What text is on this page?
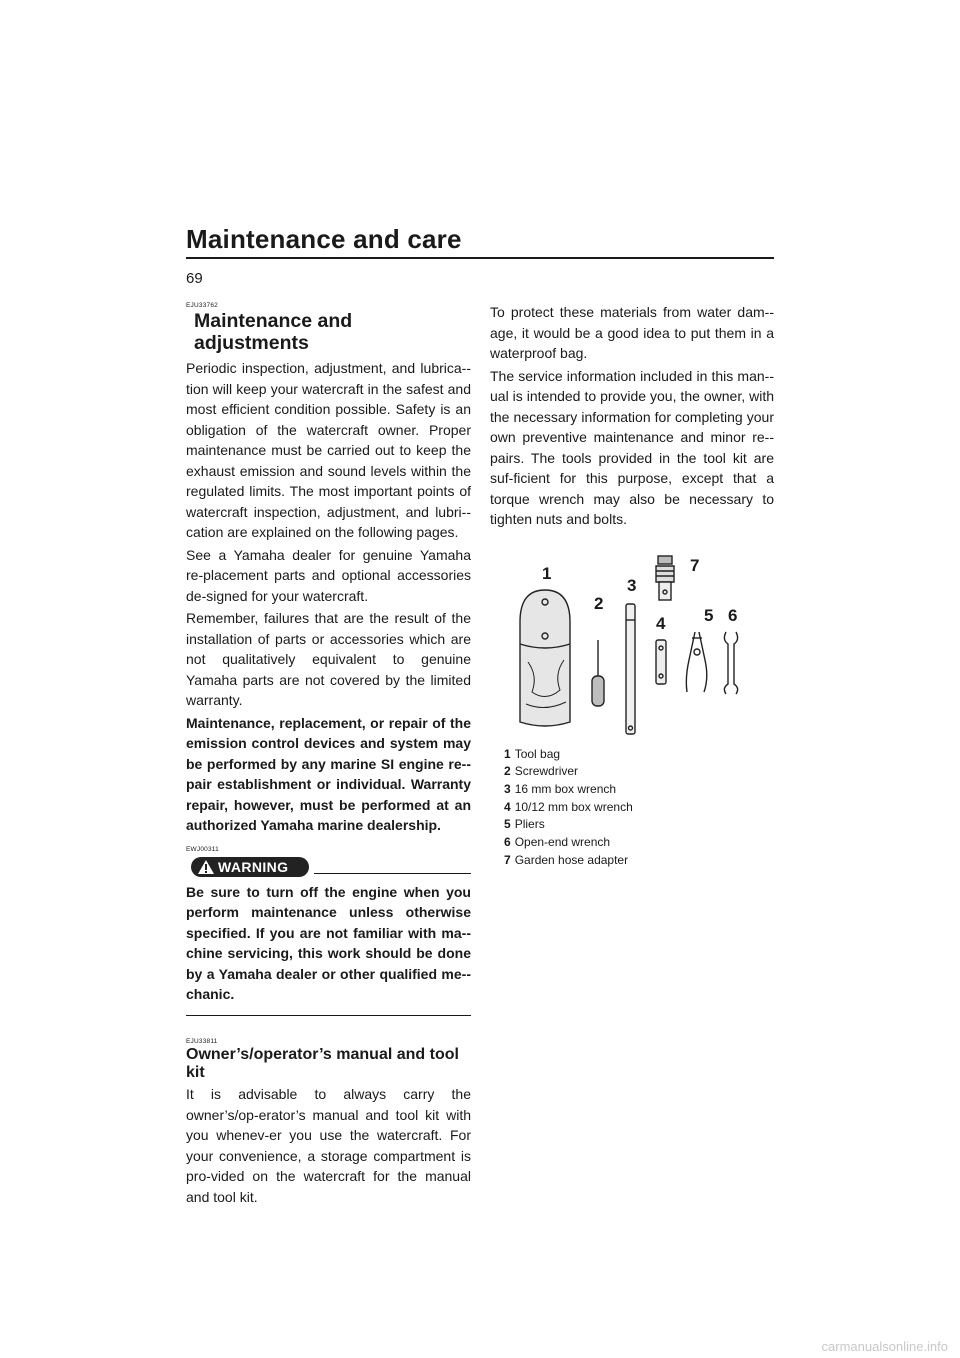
Maintenance and care
69

EJU33762

Maintenance and adjustments

Periodic inspection, adjustment, and lubrica-tion will keep your watercraft in the safest and most efficient condition possible. Safety is an obligation of the watercraft owner. Proper maintenance must be carried out to keep the exhaust emission and sound levels within the regulated limits. The most important points of watercraft inspection, adjustment, and lubri-cation are explained on the following pages.

See a Yamaha dealer for genuine Yamaha re-placement parts and optional accessories de-signed for your watercraft.

Remember, failures that are the result of the installation of parts or accessories which are not qualitatively equivalent to genuine Yamaha parts are not covered by the limited warranty.

Maintenance, replacement, or repair of the emission control devices and system may be performed by any marine SI engine re-pair establishment or individual. Warranty repair, however, must be performed at an authorized Yamaha marine dealership.

EWJ00311

WARNING

Be sure to turn off the engine when you perform maintenance unless otherwise specified. If you are not familiar with ma-chine servicing, this work should be done by a Yamaha dealer or other qualified me-chanic.

EJU33811

Owner’s/operator’s manual and tool
kit

It is advisable to always carry the owner’s/op-erator’s manual and tool kit with you whenev-er you use the watercraft. For your convenience, a storage compartment is pro-vided on the watercraft for the manual and tool kit.

To protect these materials from water dam-age, it would be a good idea to put them in a waterproof bag.

The service information included in this man-ual is intended to provide you, the owner, with the necessary information for completing your own preventive maintenance and minor re-pairs. The tools provided in the tool kit are suf-ficient for this purpose, except that a torque wrench may also be necessary to tighten nuts and bolts.

1
2
3
4 5 6
7
1 Tool bag
2 Screwdriver
3 16 mm box wrench
4 10/12 mm box wrench
5 Pliers
6 Open-end wrench
7 Garden hose adapter
carmanualsonline.info
